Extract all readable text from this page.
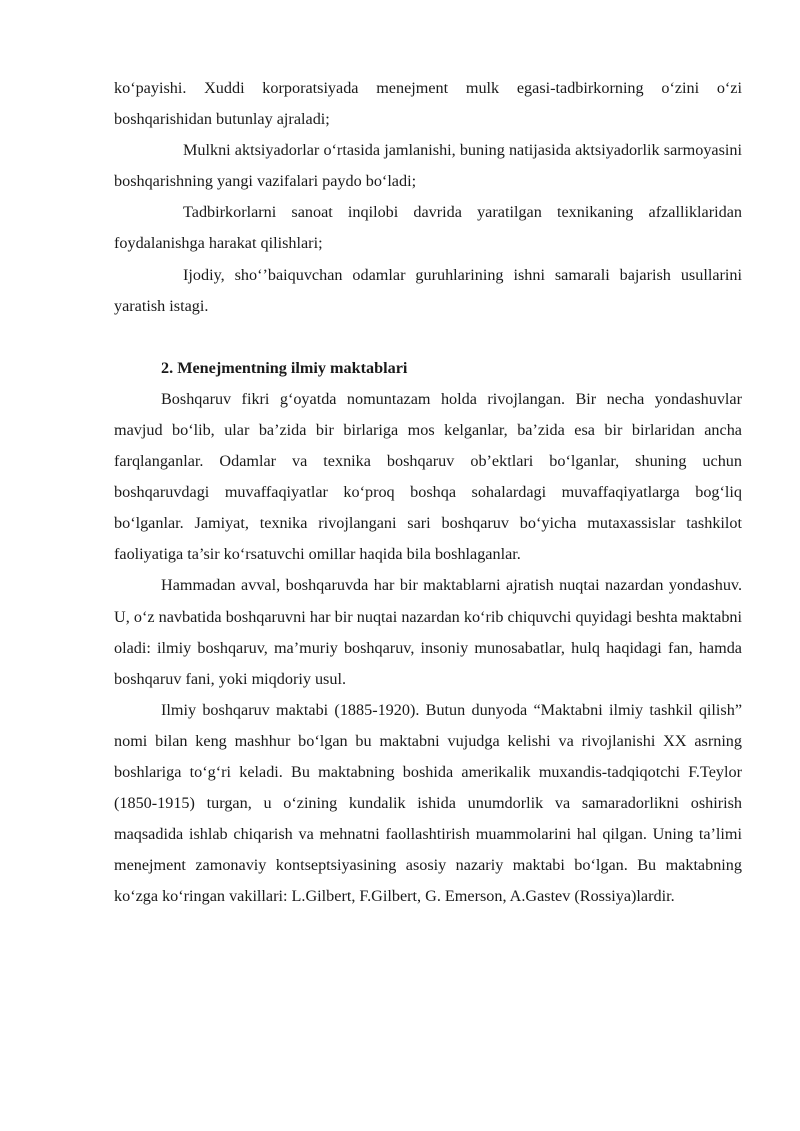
ko‘payishi. Xuddi korporatsiyada menejment mulk egasi-tadbirkorning o‘zini o‘zi boshqarishidan butunlay ajraladi;

Mulkni aktsiyadorlar o‘rtasida jamlanishi, buning natijasida aktsiyadorlik sarmoyasini boshqarishning yangi vazifalari paydo bo‘ladi;

Tadbirkorlarni sanoat inqilobi davrida yaratilgan texnikaning afzalliklaridan foydalanishga harakat qilishlari;

Ijodiy, sho‘’baiquvchan odamlar guruhlarining ishni samarali bajarish usullarini yaratish istagi.

2. Menejmentning ilmiy maktablari

Boshqaruv fikri g‘oyatda nomuntazam holda rivojlangan. Bir necha yondashuvlar mavjud bo‘lib, ular ba’zida bir birlariga mos kelganlar, ba’zida esa bir birlaridan ancha farqlanganlar. Odamlar va texnika boshqaruv ob’ektlari bo‘lganlar, shuning uchun boshqaruvdagi muvaffaqiyatlar ko‘proq boshqa sohalardagi muvaffaqiyatlarga bog‘liq bo‘lganlar. Jamiyat, texnika rivojlangani sari boshqaruv bo‘yicha mutaxassislar tashkilot faoliyatiga ta’sir ko‘rsatuvchi omillar haqida bila boshlaganlar.

Hammadan avval, boshqaruvda har bir maktablarni ajratish nuqtai nazardan yondashuv. U, o‘z navbatida boshqaruvni har bir nuqtai nazardan ko‘rib chiquvchi quyidagi beshta maktabni oladi: ilmiy boshqaruv, ma’muriy boshqaruv, insoniy munosabatlar, hulq haqidagi fan, hamda boshqaruv fani, yoki miqdoriy usul.

Ilmiy boshqaruv maktabi (1885-1920). Butun dunyoda “Maktabni ilmiy tashkil qilish” nomi bilan keng mashhur bo‘lgan bu maktabni vujudga kelishi va rivojlanishi XX asrning boshlariga to‘g‘ri keladi. Bu maktabning boshida amerikalik muxandis-tadqiqotchi F.Teylor (1850-1915) turgan, u o‘zining kundalik ishida unumdorlik va samaradorlikni oshirish maqsadida ishlab chiqarish va mehnatni faollashtirish muammolarini hal qilgan. Uning ta’limi menejment zamonaviy kontseptsiyasining asosiy nazariy maktabi bo‘lgan. Bu maktabning ko‘zga ko‘ringan vakillari: L.Gilbert, F.Gilbert, G. Emerson, A.Gastev (Rossiya)lardir.
